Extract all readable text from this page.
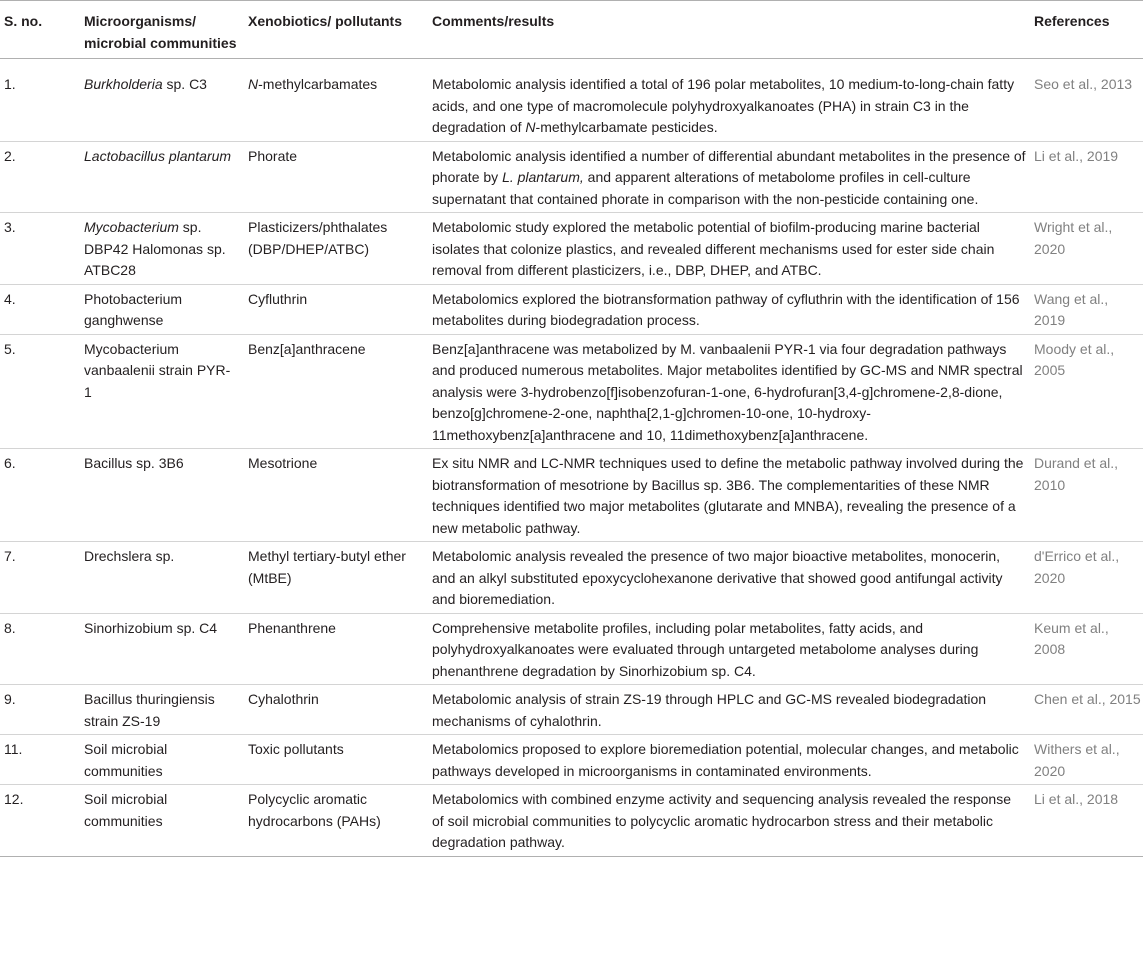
S. no.	Microorganisms/ microbial communities	Xenobiotics/ pollutants	Comments/results	References
1.	Burkholderia sp. C3	N-methylcarbamates	Metabolomic analysis identified a total of 196 polar metabolites, 10 medium-to-long-chain fatty acids, and one type of macromolecule polyhydroxyalkanoates (PHA) in strain C3 in the degradation of N-methylcarbamate pesticides.	Seo et al., 2013
2.	Lactobacillus plantarum	Phorate	Metabolomic analysis identified a number of differential abundant metabolites in the presence of phorate by L. plantarum, and apparent alterations of metabolome profiles in cell-culture supernatant that contained phorate in comparison with the non-pesticide containing one.	Li et al., 2019
3.	Mycobacterium sp. DBP42 Halomonas sp. ATBC28	Plasticizers/phthalates (DBP/DHEP/ATBC)	Metabolomic study explored the metabolic potential of biofilm-producing marine bacterial isolates that colonize plastics, and revealed different mechanisms used for ester side chain removal from different plasticizers, i.e., DBP, DHEP, and ATBC.	Wright et al., 2020
4.	Photobacterium ganghwense	Cyfluthrin	Metabolomics explored the biotransformation pathway of cyfluthrin with the identification of 156 metabolites during biodegradation process.	Wang et al., 2019
5.	Mycobacterium vanbaalenii strain PYR-1	Benz[a]anthracene	Benz[a]anthracene was metabolized by M. vanbaalenii PYR-1 via four degradation pathways and produced numerous metabolites. Major metabolites identified by GC-MS and NMR spectral analysis were 3-hydrobenzo[f]isobenzofuran-1-one, 6-hydrofuran[3,4-g]chromene-2,8-dione, benzo[g]chromene-2-one, naphtha[2,1-g]chromen-10-one, 10-hydroxy-11methoxybenz[a]anthracene and 10, 11dimethoxybenz[a]anthracene.	Moody et al., 2005
6.	Bacillus sp. 3B6	Mesotrione	Ex situ NMR and LC-NMR techniques used to define the metabolic pathway involved during the biotransformation of mesotrione by Bacillus sp. 3B6. The complementarities of these NMR techniques identified two major metabolites (glutarate and MNBA), revealing the presence of a new metabolic pathway.	Durand et al., 2010
7.	Drechslera sp.	Methyl tertiary-butyl ether (MtBE)	Metabolomic analysis revealed the presence of two major bioactive metabolites, monocerin, and an alkyl substituted epoxycyclohexanone derivative that showed good antifungal activity and bioremediation.	d'Errico et al., 2020
8.	Sinorhizobium sp. C4	Phenanthrene	Comprehensive metabolite profiles, including polar metabolites, fatty acids, and polyhydroxyalkanoates were evaluated through untargeted metabolome analyses during phenanthrene degradation by Sinorhizobium sp. C4.	Keum et al., 2008
9.	Bacillus thuringiensis strain ZS-19	Cyhalothrin	Metabolomic analysis of strain ZS-19 through HPLC and GC-MS revealed biodegradation mechanisms of cyhalothrin.	Chen et al., 2015
11.	Soil microbial communities	Toxic pollutants	Metabolomics proposed to explore bioremediation potential, molecular changes, and metabolic pathways developed in microorganisms in contaminated environments.	Withers et al., 2020
12.	Soil microbial communities	Polycyclic aromatic hydrocarbons (PAHs)	Metabolomics with combined enzyme activity and sequencing analysis revealed the response of soil microbial communities to polycyclic aromatic hydrocarbon stress and their metabolic degradation pathway.	Li et al., 2018
